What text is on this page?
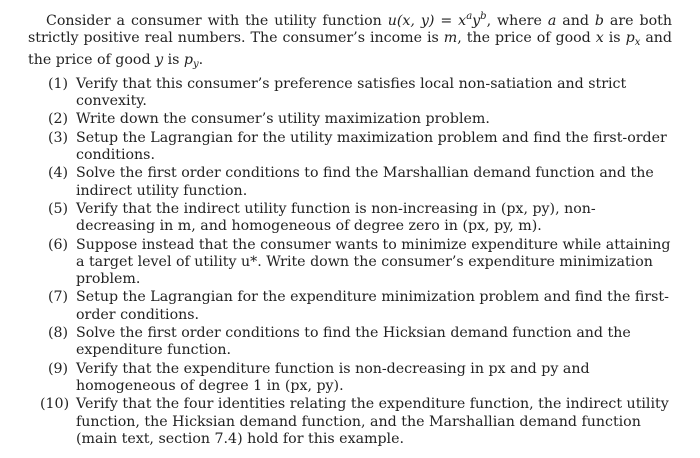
Consider a consumer with the utility function u(x, $y) = x^ay^b$, where a and b are both strictly positive real numbers. The consumer’s income is m, the price of good x is $p_x$ and the price of good y is $p_y$.

(1) Verify that this consumer’s preference satisfies local non-satiation and strict convexity.
(2) Write down the consumer’s utility maximization problem.
(3) Setup the Lagrangian for the utility maximization problem and find the first-order conditions.
(4) Solve the first order conditions to find the Marshallian demand function and the indirect utility function.
(5) Verify that the indirect utility function is non-increasing in (px, py), non-decreasing in m, and homogeneous of degree zero in (px, py, m).
(6) Suppose instead that the consumer wants to minimize expenditure while attaining a target level of utility u*. Write down the consumer’s expenditure minimization problem.
(7) Setup the Lagrangian for the expenditure minimization problem and find the first-order conditions.
(8) Solve the first order conditions to find the Hicksian demand function and the expenditure function.
(9) Verify that the expenditure function is non-decreasing in px and py and homogeneous of degree 1 in (px, py).
(10) Verify that the four identities relating the expenditure function, the indirect utility function, the Hicksian demand function, and the Marshallian demand function (main text, section 7.4) hold for this example.
